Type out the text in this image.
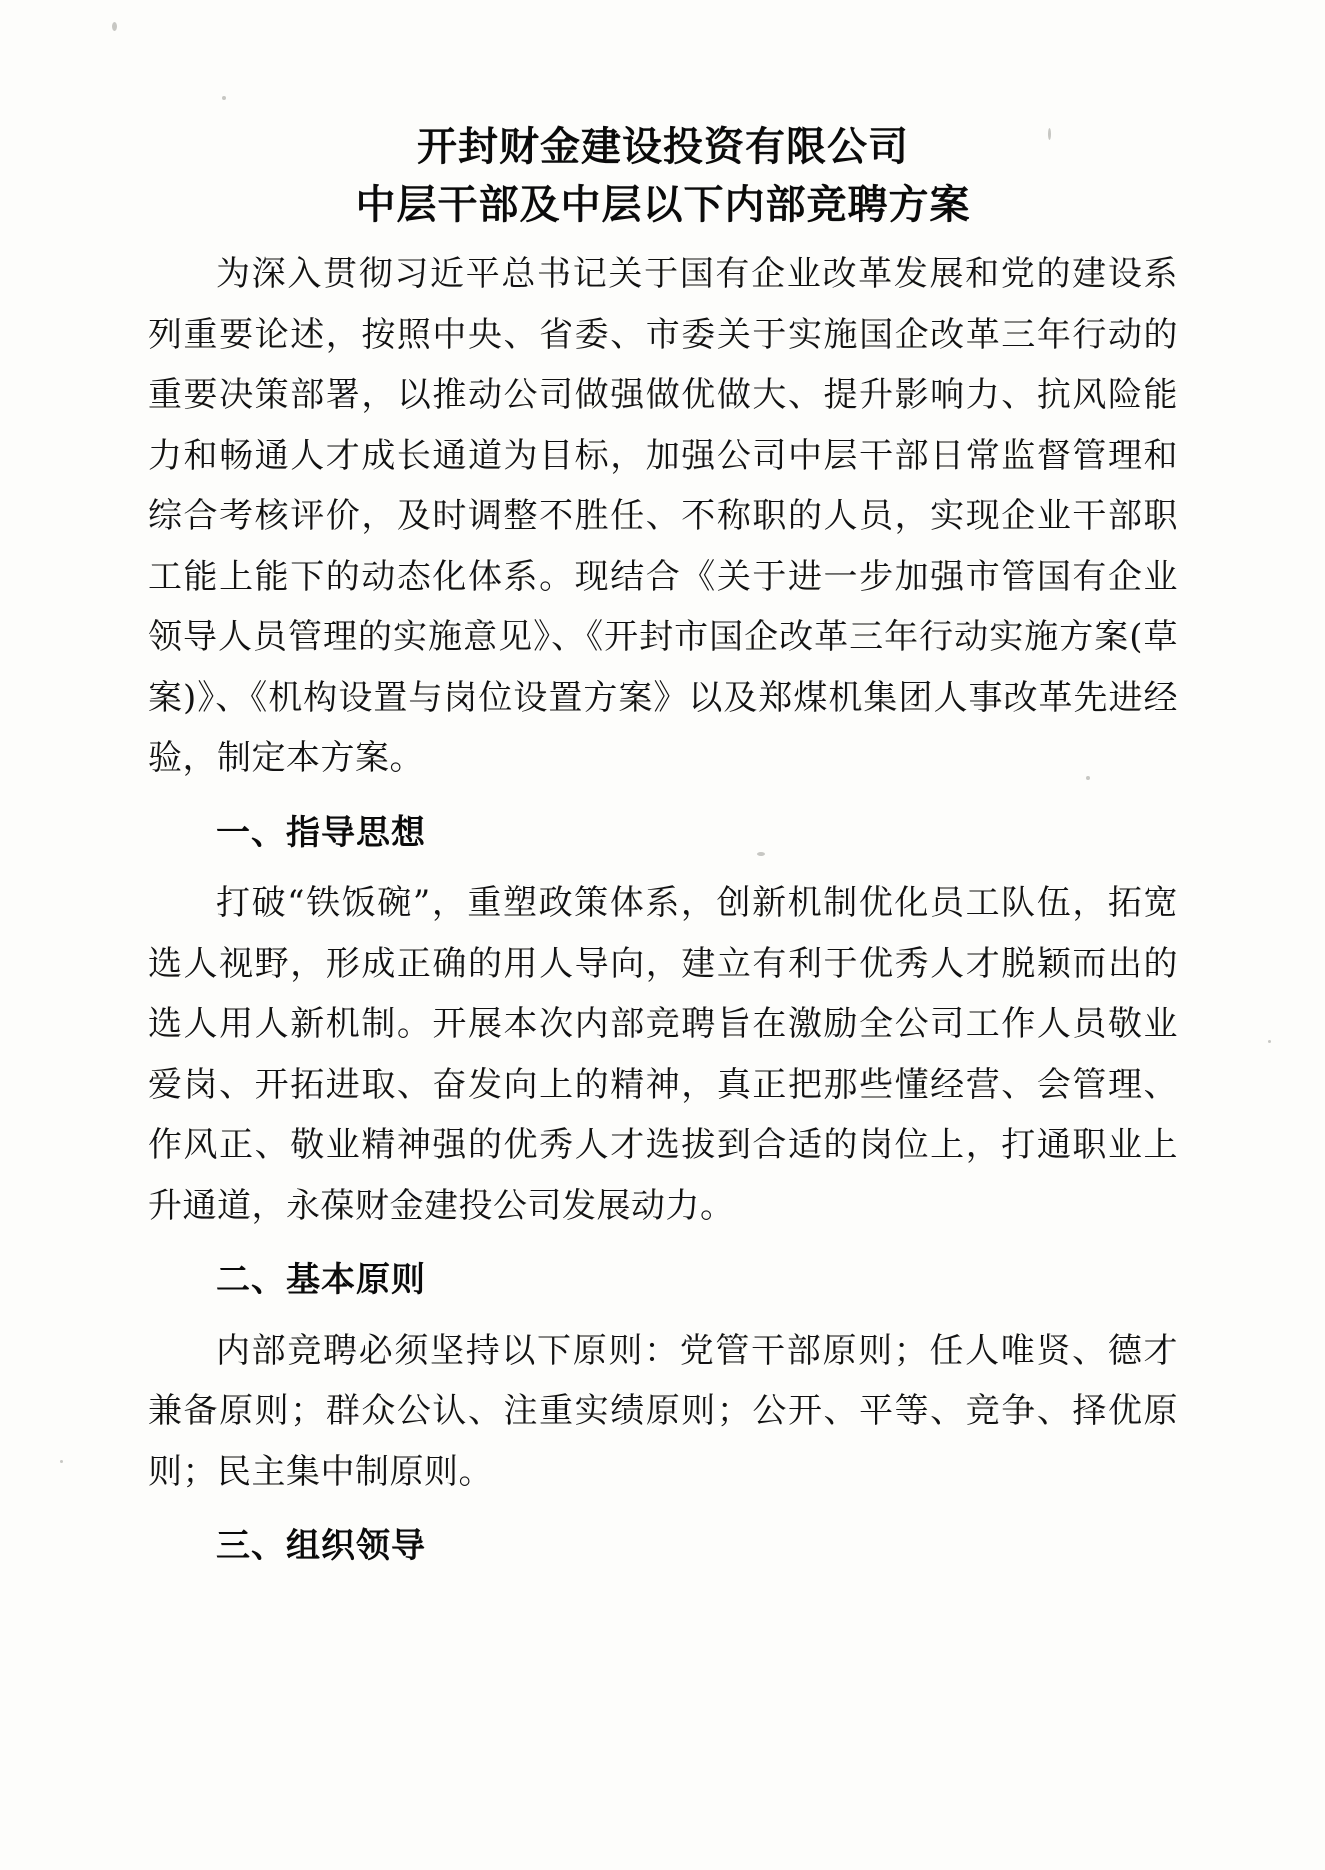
开封财金建设投资有限公司
中层干部及中层以下内部竞聘方案

为深入贯彻习近平总书记关于国有企业改革发展和党的建设系列重要论述，按照中央、省委、市委关于实施国企改革三年行动的重要决策部署，以推动公司做强做优做大、提升影响力、抗风险能力和畅通人才成长通道为目标，加强公司中层干部日常监督管理和综合考核评价，及时调整不胜任、不称职的人员，实现企业干部职工能上能下的动态化体系。现结合《关于进一步加强市管国有企业领导人员管理的实施意见》、《开封市国企改革三年行动实施方案(草案)》、《机构设置与岗位设置方案》以及郑煤机集团人事改革先进经验，制定本方案。

一、指导思想

打破“铁饭碗”，重塑政策体系，创新机制优化员工队伍，拓宽选人视野，形成正确的用人导向，建立有利于优秀人才脱颖而出的选人用人新机制。开展本次内部竞聘旨在激励全公司工作人员敬业爱岗、开拓进取、奋发向上的精神，真正把那些懂经营、会管理、作风正、敬业精神强的优秀人才选拔到合适的岗位上，打通职业上升通道，永葆财金建投公司发展动力。

二、基本原则

内部竞聘必须坚持以下原则：党管干部原则；任人唯贤、德才兼备原则；群众公认、注重实绩原则；公开、平等、竞争、择优原则；民主集中制原则。

三、组织领导
